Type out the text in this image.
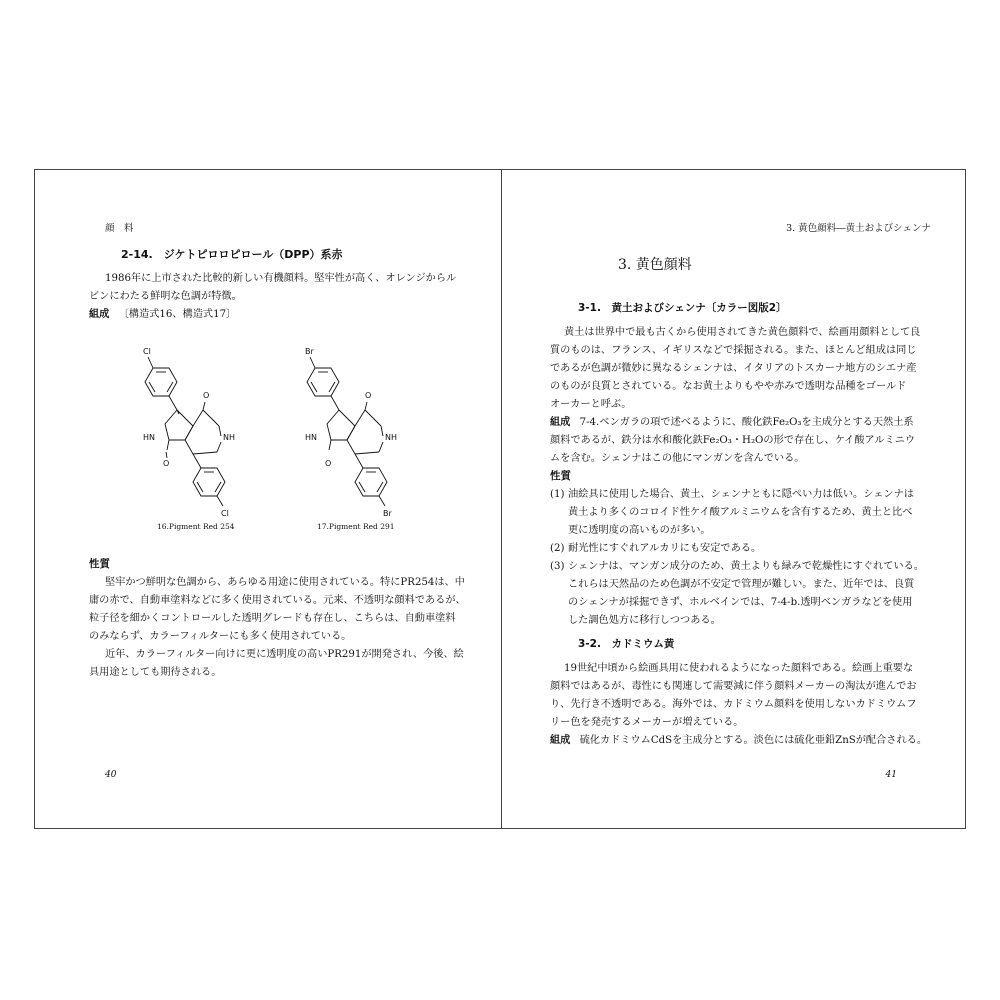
顔　料
2-14.　ジケトピロロピロール（DPP）系赤
1986年に上市された比較的新しい有機顔料。堅牢性が高く、オレンジからル
ビンにわたる鮮明な色調が特徴。
組成 〔構造式16、構造式17〕
Cl
O
NH
HN
O
Cl
16.Pigment Red 254
Br
O
NH
HN
O
Br
17.Pigment Red 291
性質
堅牢かつ鮮明な色調から、あらゆる用途に使用されている。特にPR254は、中
庸の赤で、自動車塗料などに多く使用されている。元来、不透明な顔料であるが、
粒子径を細かくコントロールした透明グレードも存在し、こちらは、自動車塗料
のみならず、カラーフィルターにも多く使用されている。
近年、カラーフィルター向けに更に透明度の高いPR291が開発され、今後、絵
具用途としても期待される。
40
3. 黄色顔料―黄土およびシェンナ
3. 黄色顔料
3-1.　黄土およびシェンナ〔カラー図版2〕
黄土は世界中で最も古くから使用されてきた黄色顔料で、絵画用顔料として良
質のものは、フランス、イギリスなどで採掘される。また、ほとんど組成は同じ
であるが色調が微妙に異なるシェンナは、イタリアのトスカーナ地方のシエナ産
のものが良質とされている。なお黄土よりもやや赤みで透明な品種をゴールド
オーカーと呼ぶ。
組成 7-4.ベンガラの項で述べるように、酸化鉄Fe₂O₃を主成分とする天然土系
顔料であるが、鉄分は水和酸化鉄Fe₂O₃・H₂Oの形で存在し、ケイ酸アルミニウ
ムを含む。シェンナはこの他にマンガンを含んでいる。
性質
(1) 油絵具に使用した場合、黄土、シェンナともに隠ぺい力は低い。シェンナは
黄土より多くのコロイド性ケイ酸アルミニウムを含有するため、黄土と比べ
更に透明度の高いものが多い。
(2) 耐光性にすぐれアルカリにも安定である。
(3) シェンナは、マンガン成分のため、黄土よりも緑みで乾燥性にすぐれている。
これらは天然品のため色調が不安定で管理が難しい。また、近年では、良質
のシェンナが採掘できず、ホルベインでは、7-4-b.透明ベンガラなどを使用
した調色処方に移行しつつある。
3-2.　カドミウム黄
19世紀中頃から絵画具用に使われるようになった顔料である。絵画上重要な
顔料ではあるが、毒性にも関連して需要減に伴う顔料メーカーの淘汰が進んでお
り、先行き不透明である。海外では、カドミウム顔料を使用しないカドミウムフ
リー色を発売するメーカーが増えている。
組成 硫化カドミウムCdSを主成分とする。淡色には硫化亜鉛ZnSが配合される。
41
